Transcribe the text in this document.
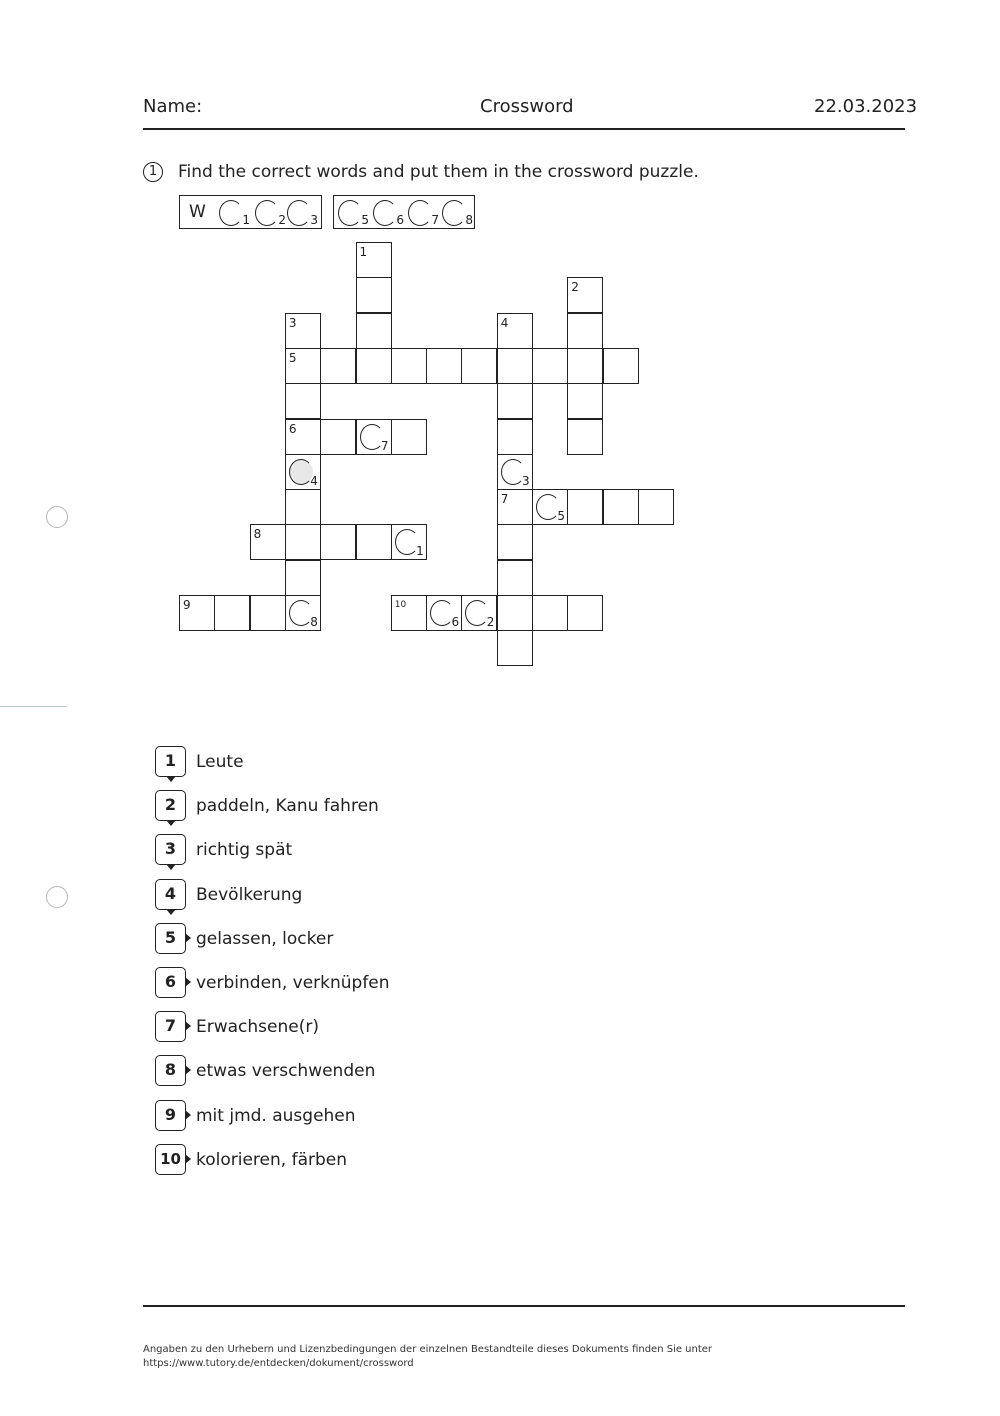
Name:	Crossword	22.03.2023
1	Find the correct words and put them in the crossword puzzle.
W	1 2 3	5 6 7 8
1
2
3
5
6
4
8
4
3
7
7
5
8
1
9	10
6 2
1	Leute
2	paddeln, Kanu fahren
3	richtig spät
4	Bevölkerung
5	gelassen, locker
6	verbinden, verknüpfen
7	Erwachsene(r)
8	etwas verschwenden
9	mit jmd. ausgehen
10 kolorieren, färben
Angaben zu den Urhebern und Lizenzbedingungen der einzelnen Bestandteile dieses Dokuments finden Sie unter
https://www.tutory.de/entdecken/dokument/crossword
